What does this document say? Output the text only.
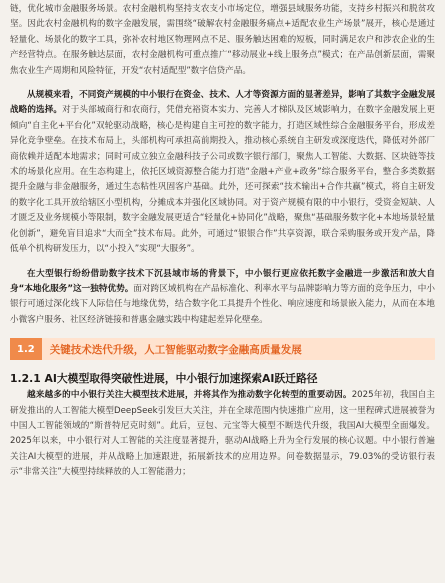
链，优化城市金融服务场景。农村金融机构坚持支农支小市场定位，增强县域服务功能，支持乡村振兴和脱贫攻坚。因此农村金融机构的数字金融发展，需围绕“破解农村金融服务痛点+适配农业生产场景”展开，核心是通过轻量化、场景化的数字工具，弥补农村地区物理网点不足、服务触达困难的短板，同时满足农户和涉农企业的生产经营特点。在服务触达层面，农村金融机构可重点推广“移动展业+线上服务点”模式；在产品创新层面，需聚焦农业生产周期和风险特征，开发“农村适配型”数字信贷产品。

从规模来看，不同资产规模的中小银行在资金、技术、人才等资源方面的显著差异，影响了其数字金融发展战略的选择。对于头部城商行和农商行，凭借充裕资本实力、完善人才梯队及区域影响力，在数字金融发展上更倾向“自主化+平台化”双轮驱动战略，核心是构建自主可控的数字能力，打造区域性综合金融服务平台，形成差异化竞争壁垒。在技术布局上，头部机构可承担高前期投入，推动核心系统自主研发或深度迭代，降低对外部厂商依赖并适配本地需求；同时可成立独立金融科技子公司或数字银行部门，聚焦人工智能、大数据、区块链等技术的场景化应用。在生态构建上，依托区域资源整合能力打造“金融+产业+政务”综合服务平台，整合多类数据提升金融与非金融服务，通过生态粘性巩固客户基础。此外，还可探索“技术输出+合作共赢”模式，将自主研发的数字化工具开放给辖区小型机构，分摊成本并强化区域协同。对于资产规模有限的中小银行，受资金短缺、人才匮乏及业务规模小等限制，数字金融发展更适合“轻量化+协同化”战略，聚焦“基础服务数字化+本地场景轻量化创新”，避免盲目追求“大而全”技术布局。此外，可通过“银银合作”共享资源，联合采购服务或开发产品，降低单个机构研发压力，以“小投入”实现“大服务”。

在大型银行纷纷借助数字技术下沉县域市场的背景下，中小银行更应依托数字金融进一步激活和放大自身“本地化服务”这一独特优势。面对跨区域机构在产品标准化、利率水平与品牌影响力等方面的竞争压力，中小银行可通过深化线下人际信任与地缘优势，结合数字化工具提升个性化、响应速度和场景嵌入能力，从而在本地小微客户服务、社区经济链接和普惠金融实践中构建起差异化壁垒。

1.2	关键技术迭代升级，人工智能驱动数字金融高质量发展
1.2.1 AI大模型取得突破性进展，中小银行加速探索AI跃迁路径

越来越多的中小银行关注大模型技术进展，并将其作为推动数字化转型的重要动因。2025年初，我国自主研发推出的人工智能大模型DeepSeek引发巨大关注，并在全球范围内快速推广应用，这一里程碑式进展被誉为中国人工智能领域的“斯普特尼克时刻”。此后，豆包、元宝等大模型不断迭代升级，我国AI大模型全面爆发。2025年以来，中小银行对人工智能的关注度显著提升，驱动AI战略上升为全行发展的核心议题。中小银行普遍关注AI大模型的进展，并从战略上加速跟进，拓展新技术的应用边界。问卷数据显示，79.03%的受访银行表示“非常关注”大模型持续释放的人工智能潜力；
